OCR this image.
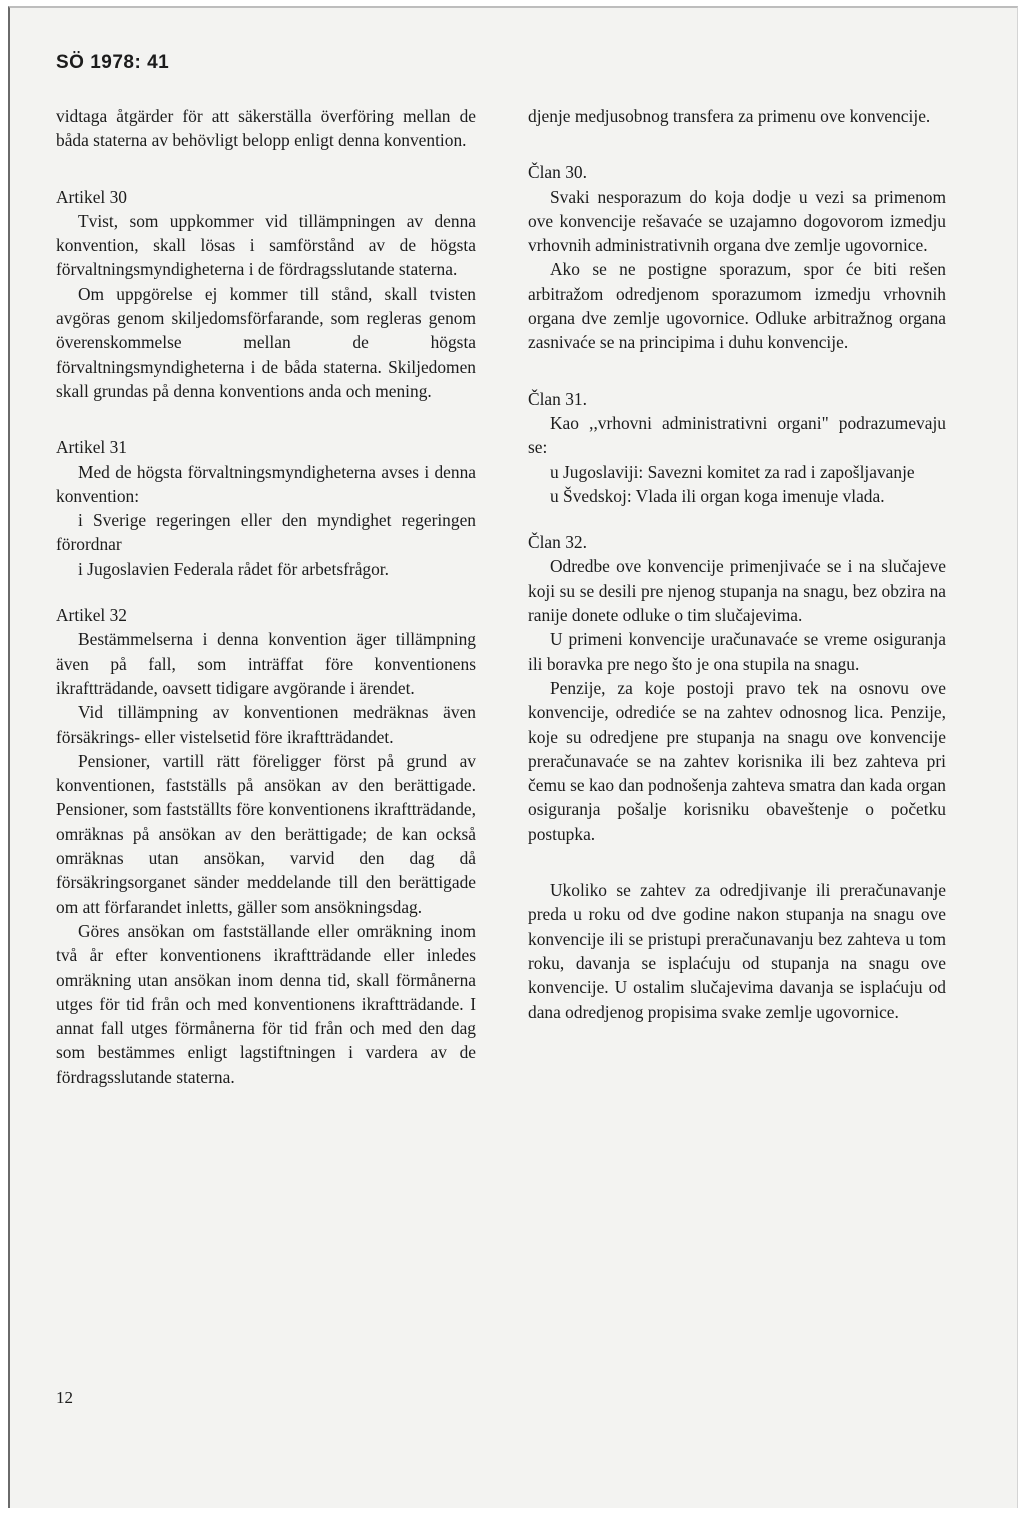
SÖ 1978: 41

vidtaga åtgärder för att säkerställa överföring mellan de båda staterna av behövligt belopp enligt denna konvention.

Artikel 30

Tvist, som uppkommer vid tillämpningen av denna konvention, skall lösas i samförstånd av de högsta förvaltningsmyndigheterna i de fördragsslutande staterna.

Om uppgörelse ej kommer till stånd, skall tvisten avgöras genom skiljedomsförfarande, som regleras genom överenskommelse mellan de högsta förvaltningsmyndigheterna i de båda staterna. Skiljedomen skall grundas på denna konventions anda och mening.

Artikel 31

Med de högsta förvaltningsmyndigheterna avses i denna konvention:

i Sverige regeringen eller den myndighet regeringen förordnar

i Jugoslavien Federala rådet för arbetsfrågor.

Artikel 32

Bestämmelserna i denna konvention äger tillämpning även på fall, som inträffat före konventionens ikraftträdande, oavsett tidigare avgörande i ärendet.

Vid tillämpning av konventionen medräknas även försäkrings- eller vistelsetid före ikraftträdandet.

Pensioner, vartill rätt föreligger först på grund av konventionen, fastställs på ansökan av den berättigade. Pensioner, som fastställts före konventionens ikraftträdande, omräknas på ansökan av den berättigade; de kan också omräknas utan ansökan, varvid den dag då försäkringsorganet sänder meddelande till den berättigade om att förfarandet inletts, gäller som ansökningsdag.

Göres ansökan om fastställande eller omräkning inom två år efter konventionens ikraftträdande eller inledes omräkning utan ansökan inom denna tid, skall förmånerna utges för tid från och med konventionens ikraftträdande. I annat fall utges förmånerna för tid från och med den dag som bestämmes enligt lagstiftningen i vardera av de fördragsslutande staterna.

djenje medjusobnog transfera za primenu ove konvencije.

Član 30.

Svaki nesporazum do koja dodje u vezi sa primenom ove konvencije rešavaće se uzajamno dogovorom izmedju vrhovnih administrativnih organa dve zemlje ugovornice.

Ako se ne postigne sporazum, spor će biti rešen arbitražom odredjenom sporazumom izmedju vrhovnih organa dve zemlje ugovornice. Odluke arbitražnog organa zasnivaće se na principima i duhu konvencije.

Član 31.

Kao ,,vrhovni administrativni organi" podrazumevaju se:

u Jugoslaviji: Savezni komitet za rad i zapošljavanje

u Švedskoj: Vlada ili organ koga imenuje vlada.

Član 32.

Odredbe ove konvencije primenjivaće se i na slučajeve koji su se desili pre njenog stupanja na snagu, bez obzira na ranije donete odluke o tim slučajevima.

U primeni konvencije uračunavaće se vreme osiguranja ili boravka pre nego što je ona stupila na snagu.

Penzije, za koje postoji pravo tek na osnovu ove konvencije, odrediće se na zahtev odnosnog lica. Penzije, koje su odredjene pre stupanja na snagu ove konvencije preračunavaće se na zahtev korisnika ili bez zahteva pri čemu se kao dan podnošenja zahteva smatra dan kada organ osiguranja pošalje korisniku obaveštenje o početku postupka.

Ukoliko se zahtev za odredjivanje ili preračunavanje preda u roku od dve godine nakon stupanja na snagu ove konvencije ili se pristupi preračunavanju bez zahteva u tom roku, davanja se isplaćuju od stupanja na snagu ove konvencije. U ostalim slučajevima davanja se isplaćuju od dana odredjenog propisima svake zemlje ugovornice.

12
